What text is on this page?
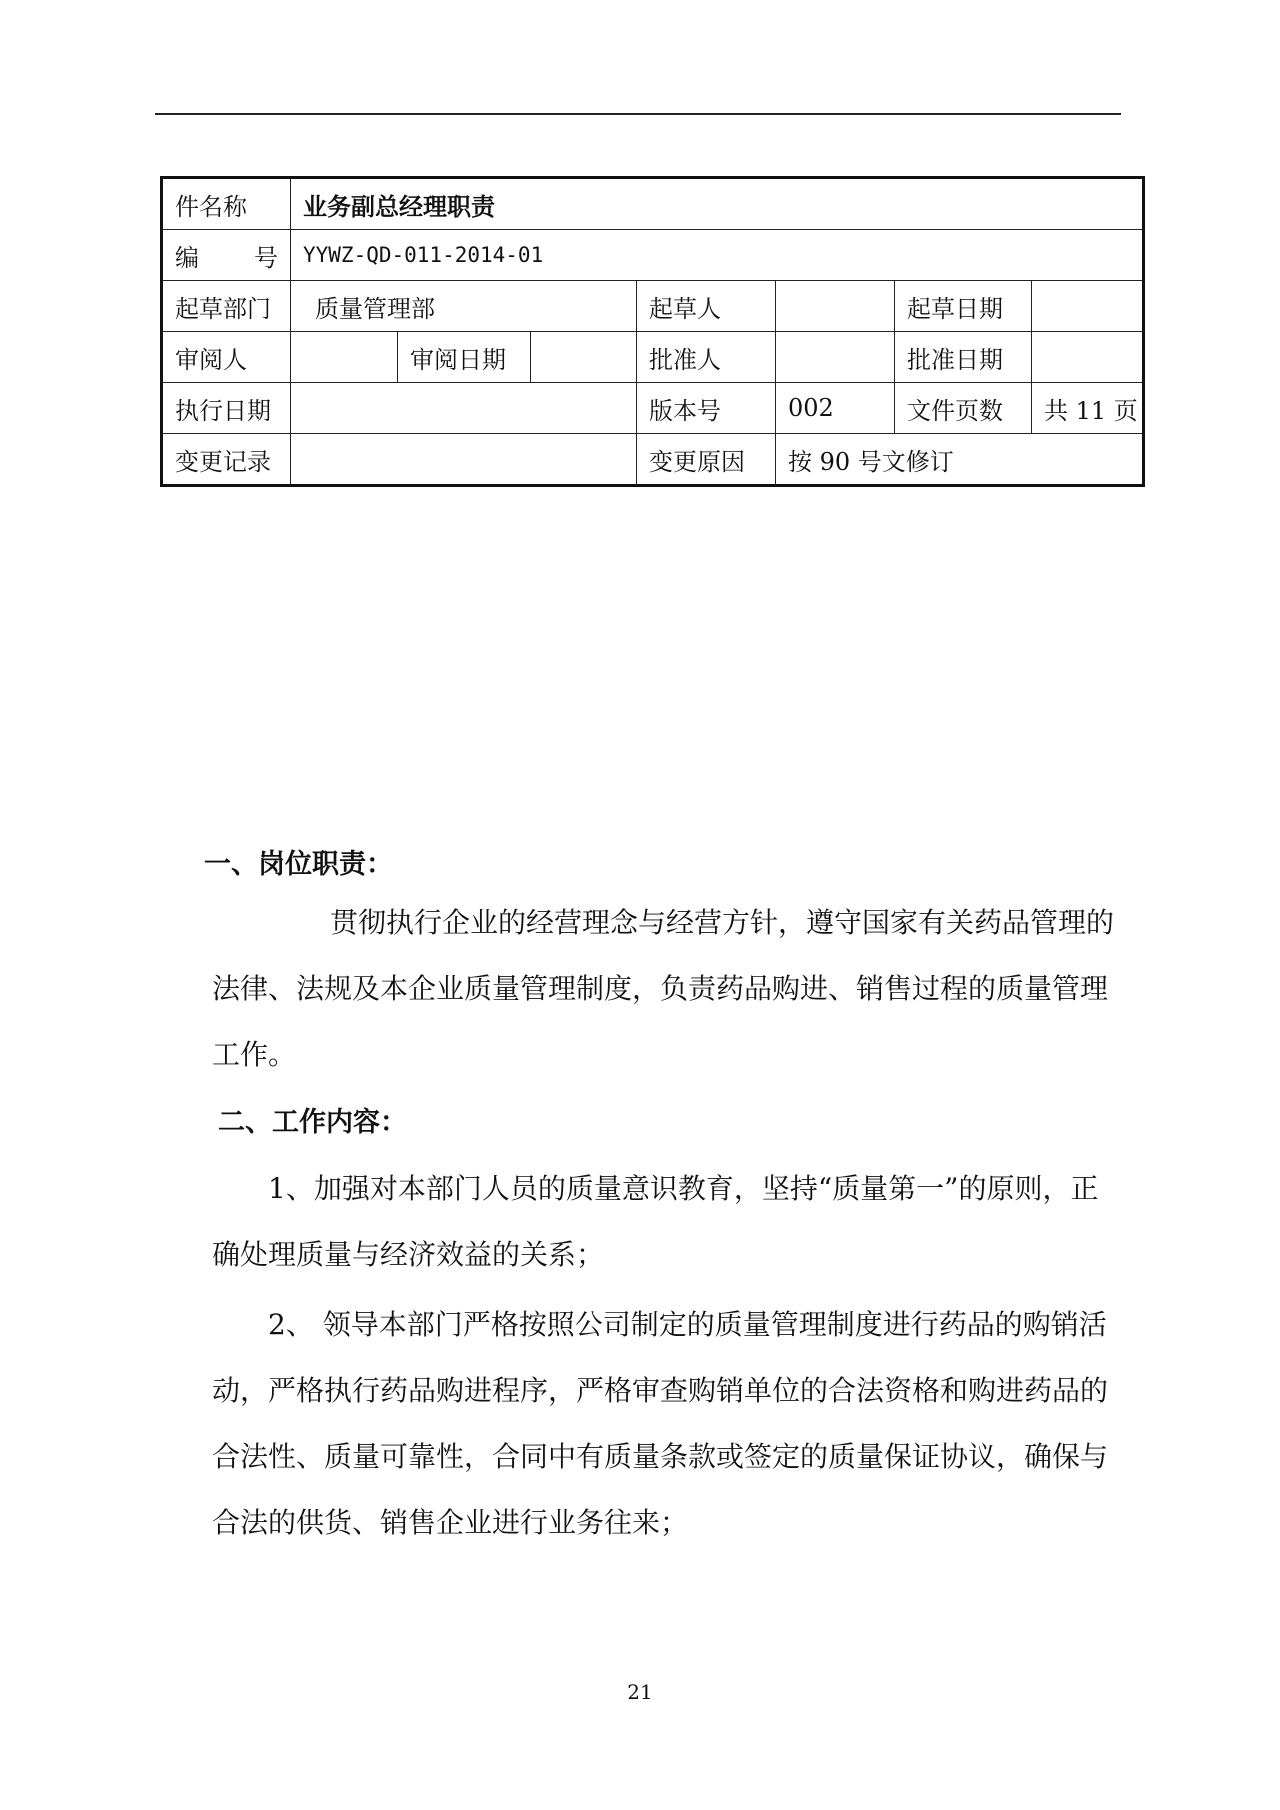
件名称	业务副总经理职责						

编 号	YYWZ-QD-011-2014-01						
起草部门	质量管理部			起草人		起草日期	
审阅人		审阅日期		批准人		批准日期	
执行日期				版本号	002	文件页数	共 11 页
变更记录				变更原因	按 90 号文修订		
一、岗位职责：
贯彻执行企业的经营理念与经营方针，遵守国家有关药品管理的法律、法规及本企业质量管理制度，负责药品购进、销售过程的质量管理工作。
二、工作内容：
1、加强对本部门人员的质量意识教育，坚持“质量第一”的原则，正确处理质量与经济效益的关系；
2、 领导本部门严格按照公司制定的质量管理制度进行药品的购销活动，严格执行药品购进程序，严格审查购销单位的合法资格和购进药品的合法性、质量可靠性，合同中有质量条款或签定的质量保证协议，确保与合法的供货、销售企业进行业务往来；
21
